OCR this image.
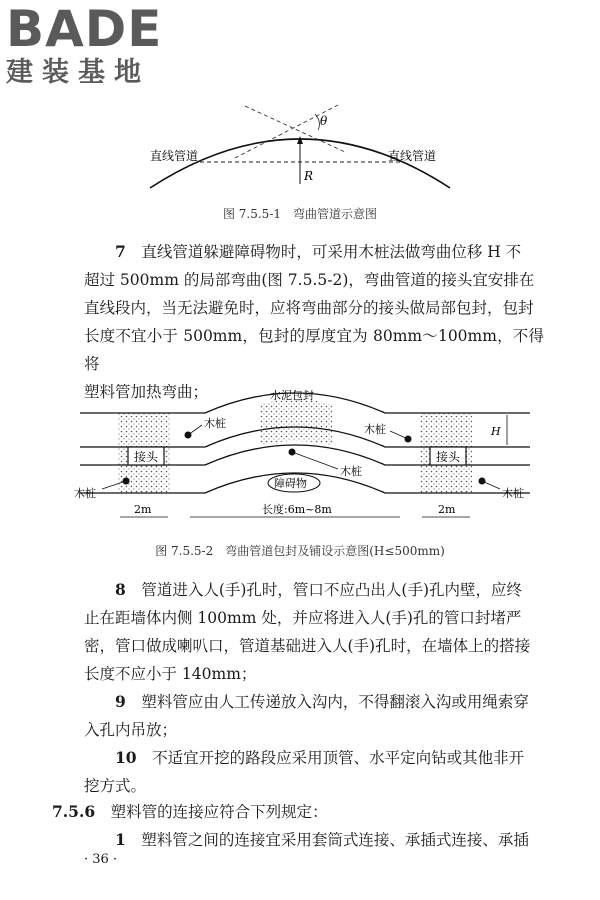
BADE
建装基地
θ
R
直线管道	直线管道
图 7.5.5-1　弯曲管道示意图
7　 直线管道躲避障碍物时，可采用木桩法做弯曲位移 H 不
超过 500mm 的局部弯曲(图 7.5.5-2)，弯曲管道的接头宜安排在
直线段内，当无法避免时，应将弯曲部分的接头做局部包封，包封
长度不宜小于 500mm，包封的厚度宜为 80mm～100mm，不得将
塑料管加热弯曲；
接头	接头
木桩
木桩
木桩
木桩	木桩
水泥包封
障碍物
H
2m	长度:6m~8m	2m
图 7.5.5-2　弯曲管道包封及铺设示意图(H≤500mm)
8　 管道进入人(手)孔时，管口不应凸出人(手)孔内壁，应终
止在距墙体内侧 100mm 处，并应将进入人(手)孔的管口封堵严
密，管口做成喇叭口，管道基础进入人(手)孔时，在墙体上的搭接
长度不应小于 140mm；
9　 塑料管应由人工传递放入沟内，不得翻滚入沟或用绳索穿
入孔内吊放；
10　 不适宜开挖的路段应采用顶管、水平定向钻或其他非开
挖方式。
7.5.6　 塑料管的连接应符合下列规定：
1　 塑料管之间的连接宜采用套筒式连接、承插式连接、承插
· 36 ·
